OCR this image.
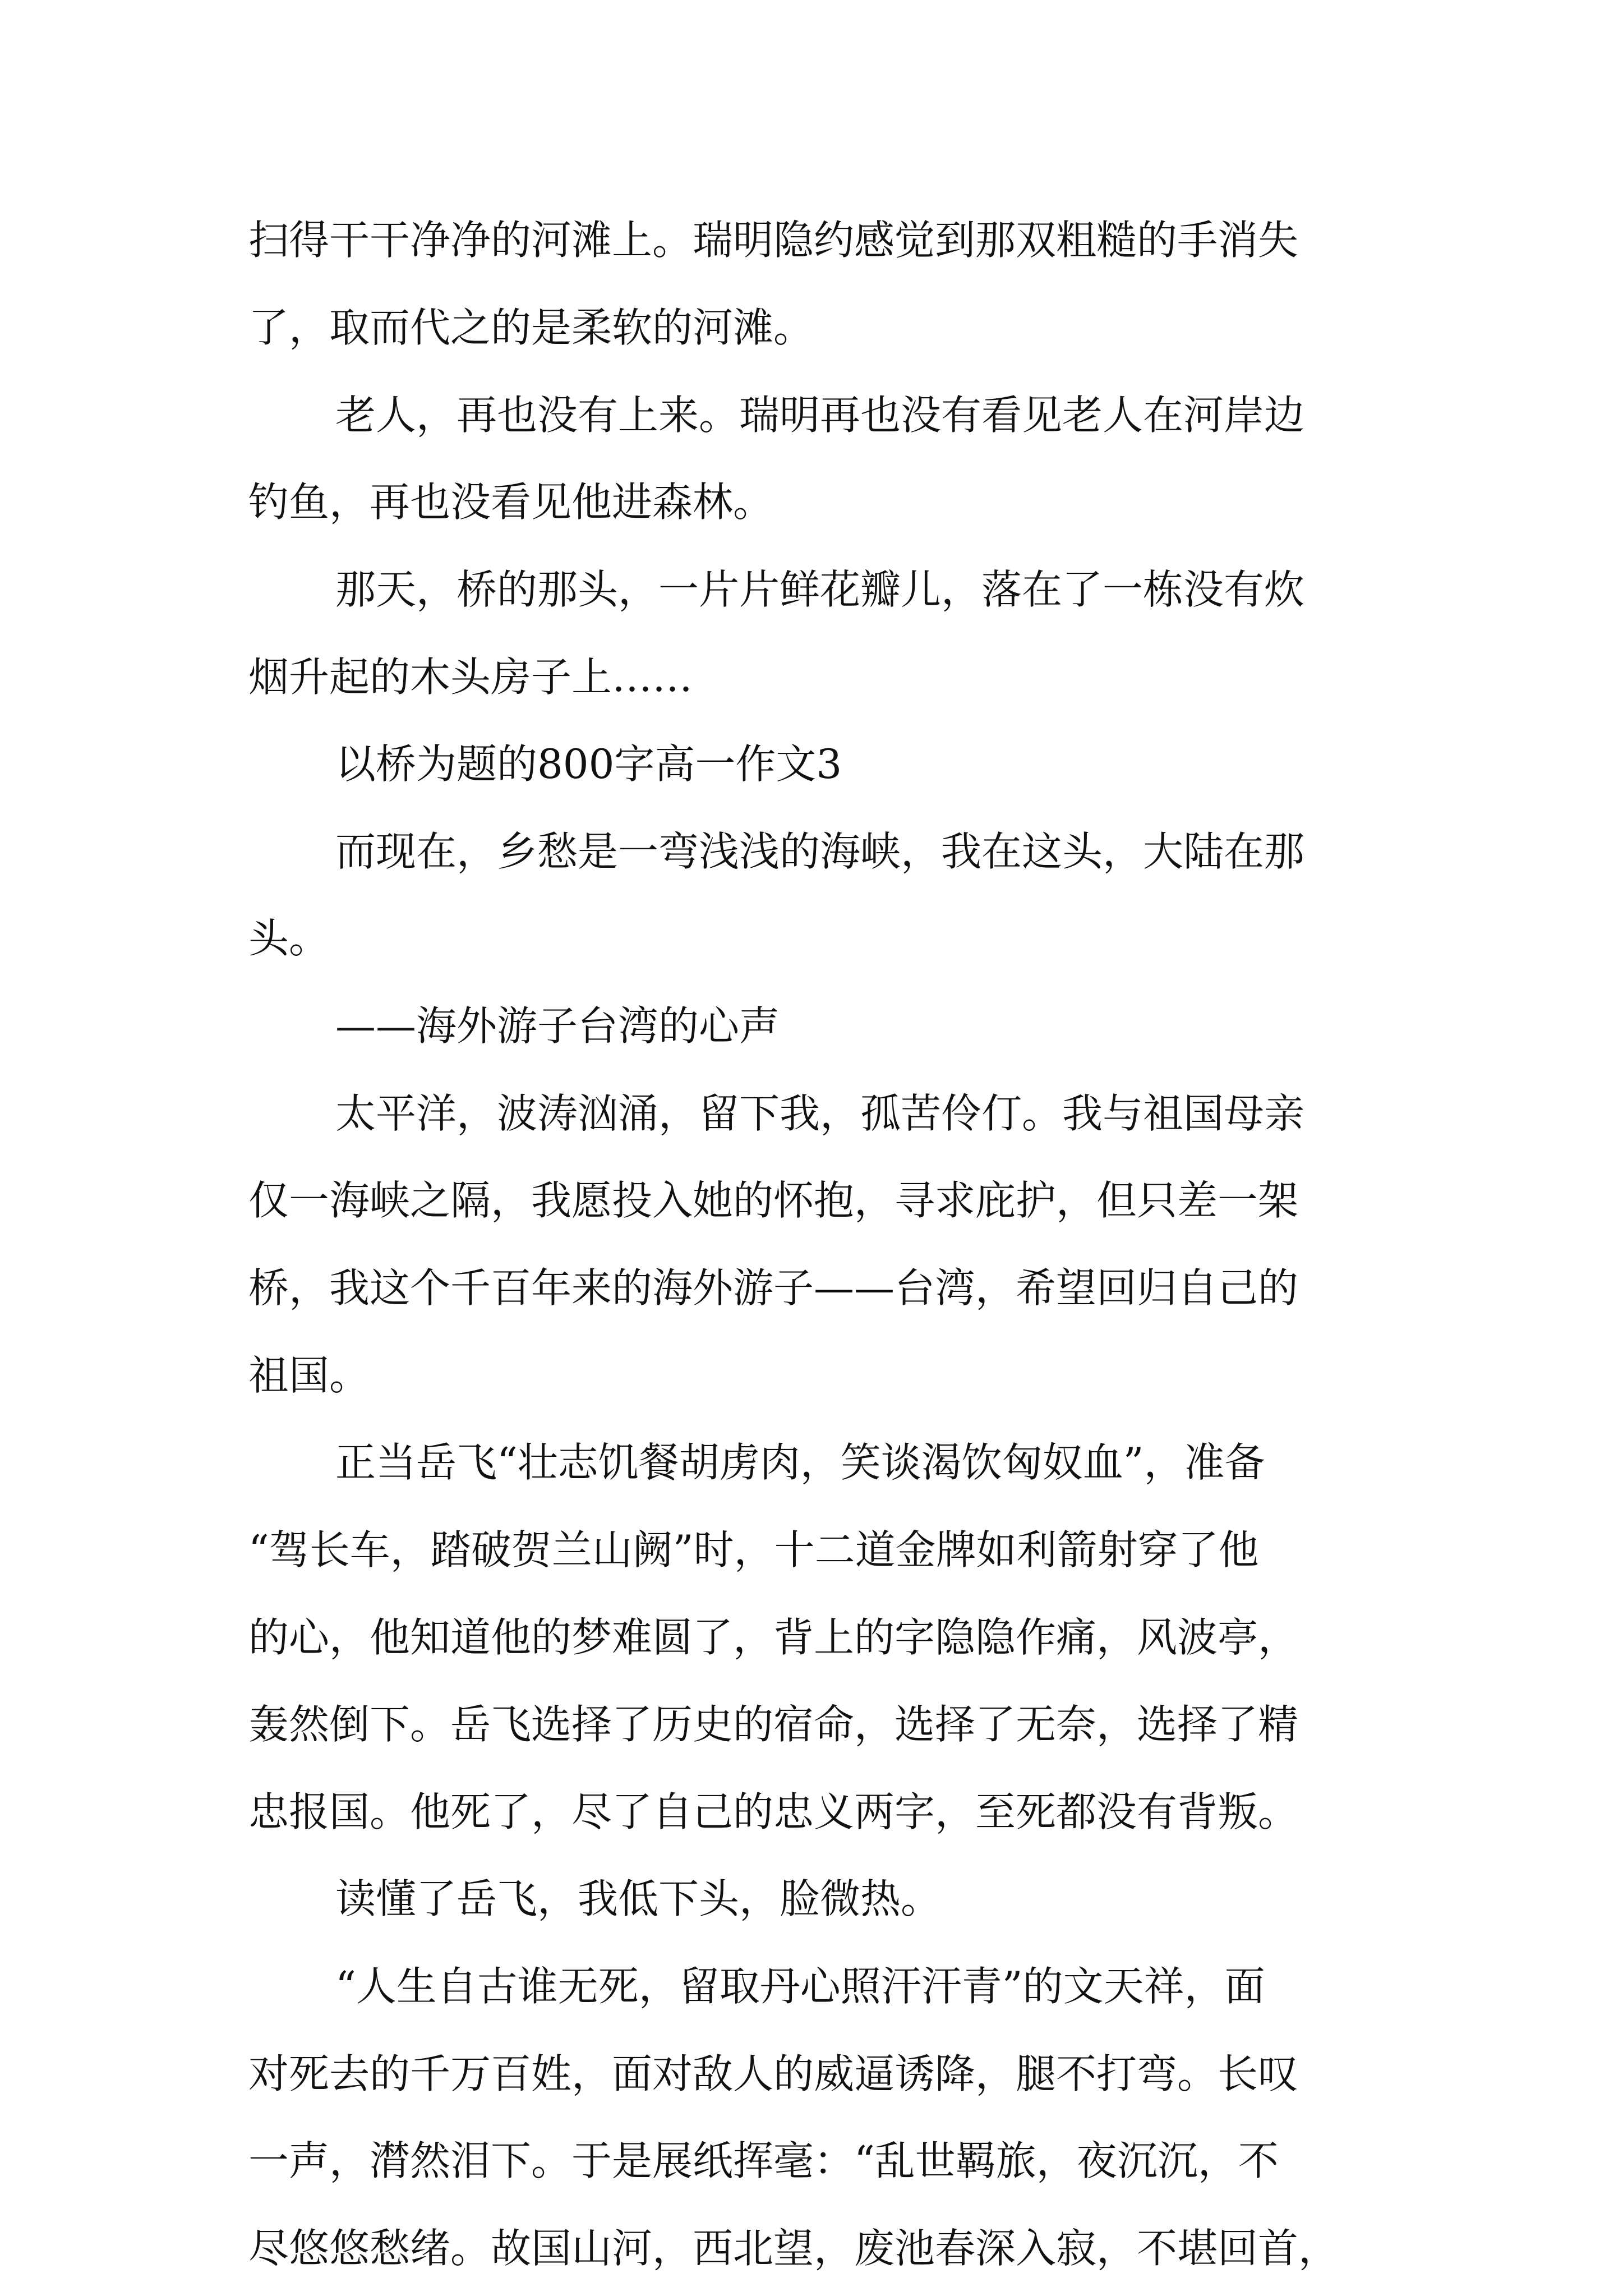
扫得干干净净的河滩上。瑞明隐约感觉到那双粗糙的手消失

了，取而代之的是柔软的河滩。

老人，再也没有上来。瑞明再也没有看见老人在河岸边

钓鱼，再也没看见他进森林。

那天，桥的那头，一片片鲜花瓣儿，落在了一栋没有炊

烟升起的木头房子上……

以桥为题的800字高一作文3

而现在，乡愁是一弯浅浅的海峡，我在这头，大陆在那

头。

——海外游子台湾的心声

太平洋，波涛汹涌，留下我，孤苦伶仃。我与祖国母亲

仅一海峡之隔，我愿投入她的怀抱，寻求庇护，但只差一架

桥，我这个千百年来的海外游子——台湾，希望回归自己的

祖国。

正当岳飞“壮志饥餐胡虏肉，笑谈渴饮匈奴血”，准备

“驾长车，踏破贺兰山阙”时，十二道金牌如利箭射穿了他

的心，他知道他的梦难圆了，背上的字隐隐作痛，风波亭，

轰然倒下。岳飞选择了历史的宿命，选择了无奈，选择了精

忠报国。他死了，尽了自己的忠义两字，至死都没有背叛。

读懂了岳飞，我低下头，脸微热。

“人生自古谁无死，留取丹心照汗汗青”的文天祥，面

对死去的千万百姓，面对敌人的威逼诱降，腿不打弯。长叹

一声，潸然泪下。于是展纸挥毫：“乱世羁旅，夜沉沉，不

尽悠悠愁绪。故国山河，西北望，废池春深入寂，不堪回首，
